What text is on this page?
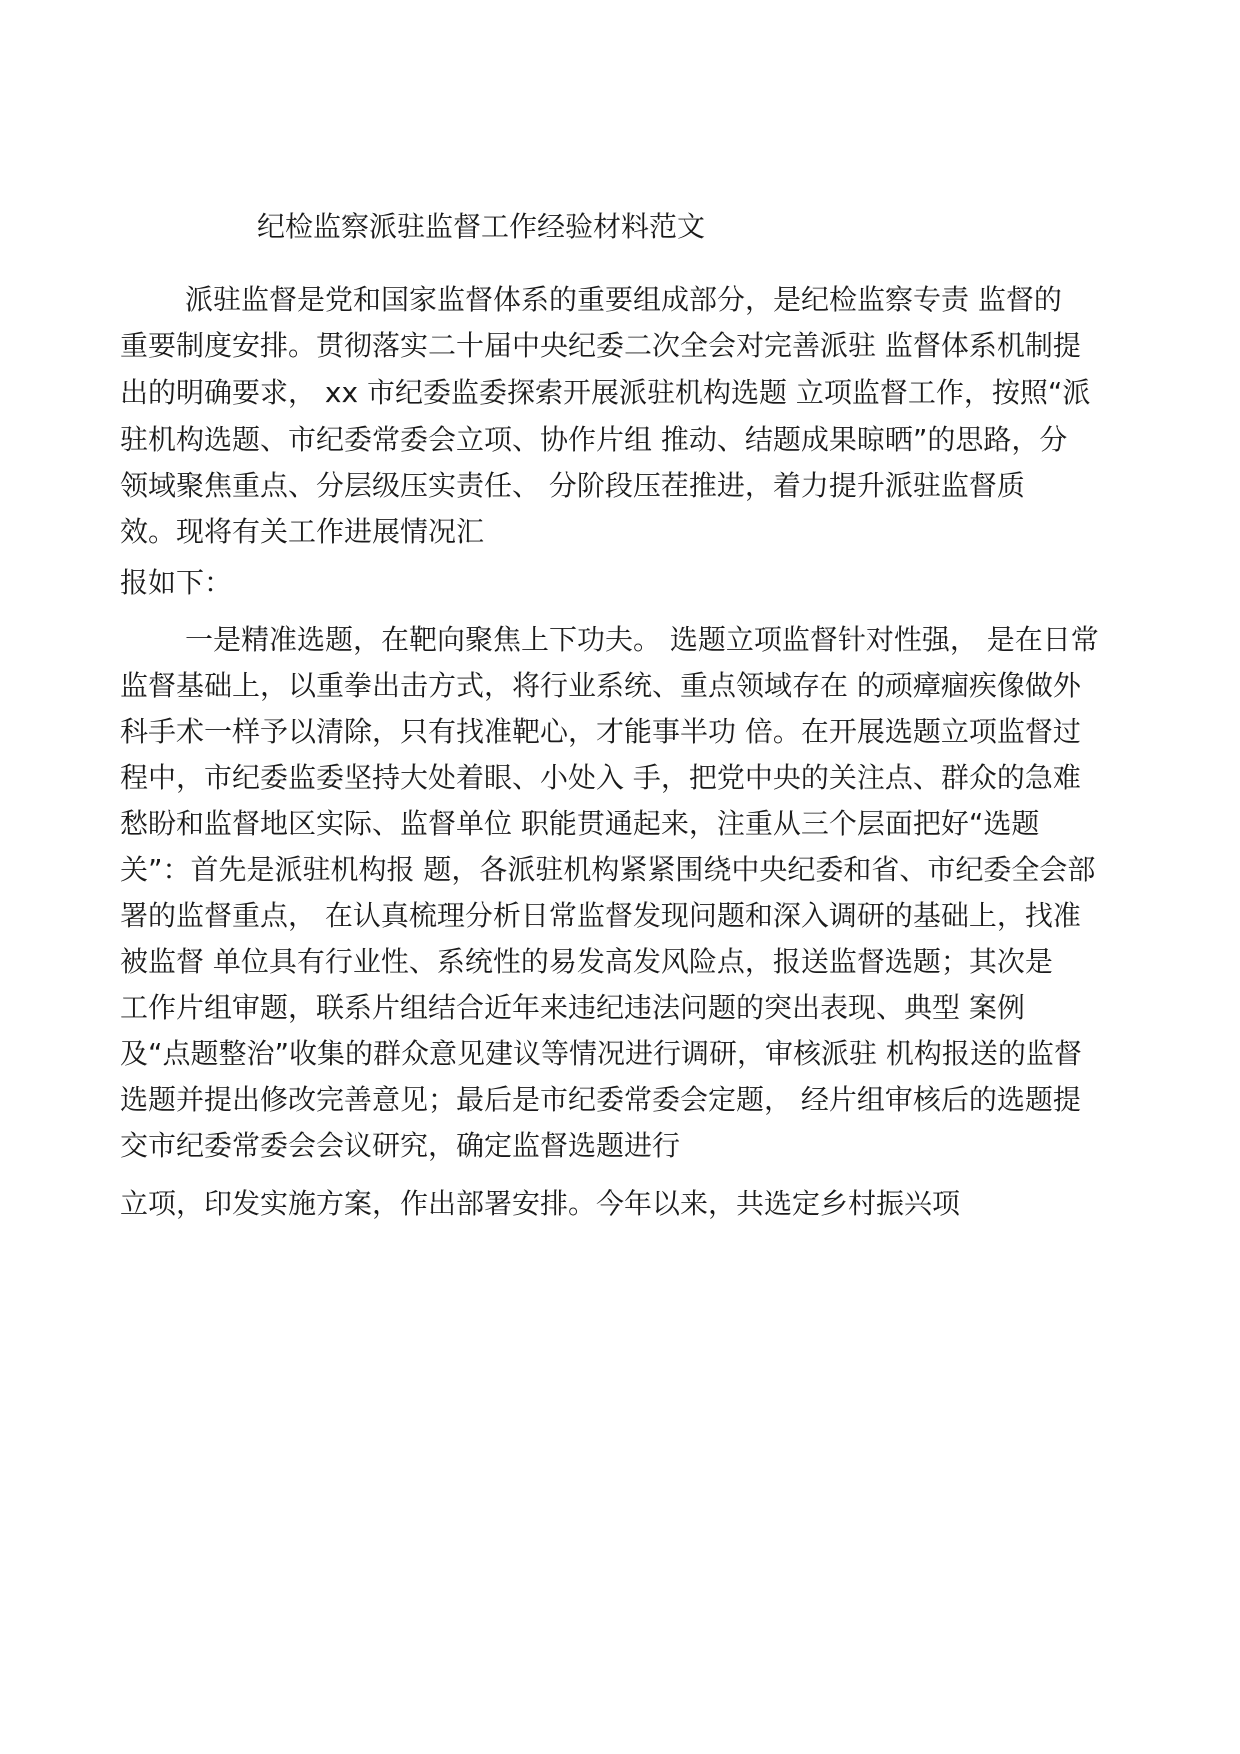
纪检监察派驻监督工作经验材料范文

派驻监督是党和国家监督体系的重要组成部分，是纪检监察专责 监督的

重要制度安排。贯彻落实二十届中央纪委二次全会对完善派驻 监督体系机制提

出的明确要求， xx 市纪委监委探索开展派驻机构选题 立项监督工作，按照“派

驻机构选题、市纪委常委会立项、协作片组 推动、结题成果晾晒”的思路，分

领域聚焦重点、分层级压实责任、 分阶段压茬推进，着力提升派驻监督质

效。现将有关工作进展情况汇

报如下：

一是精准选题，在靶向聚焦上下功夫。 选题立项监督针对性强， 是在日常

监督基础上，以重拳出击方式，将行业系统、重点领域存在 的顽瘴痼疾像做外

科手术一样予以清除，只有找准靶心，才能事半功 倍。在开展选题立项监督过

程中，市纪委监委坚持大处着眼、小处入 手，把党中央的关注点、群众的急难

愁盼和监督地区实际、监督单位 职能贯通起来，注重从三个层面把好“选题

关”：首先是派驻机构报 题，各派驻机构紧紧围绕中央纪委和省、市纪委全会部

署的监督重点， 在认真梳理分析日常监督发现问题和深入调研的基础上，找准

被监督 单位具有行业性、系统性的易发高发风险点，报送监督选题；其次是

工作片组审题，联系片组结合近年来违纪违法问题的突出表现、典型 案例

及“点题整治”收集的群众意见建议等情况进行调研，审核派驻 机构报送的监督

选题并提出修改完善意见；最后是市纪委常委会定题， 经片组审核后的选题提

交市纪委常委会会议研究，确定监督选题进行

立项，印发实施方案，作出部署安排。今年以来，共选定乡村振兴项
